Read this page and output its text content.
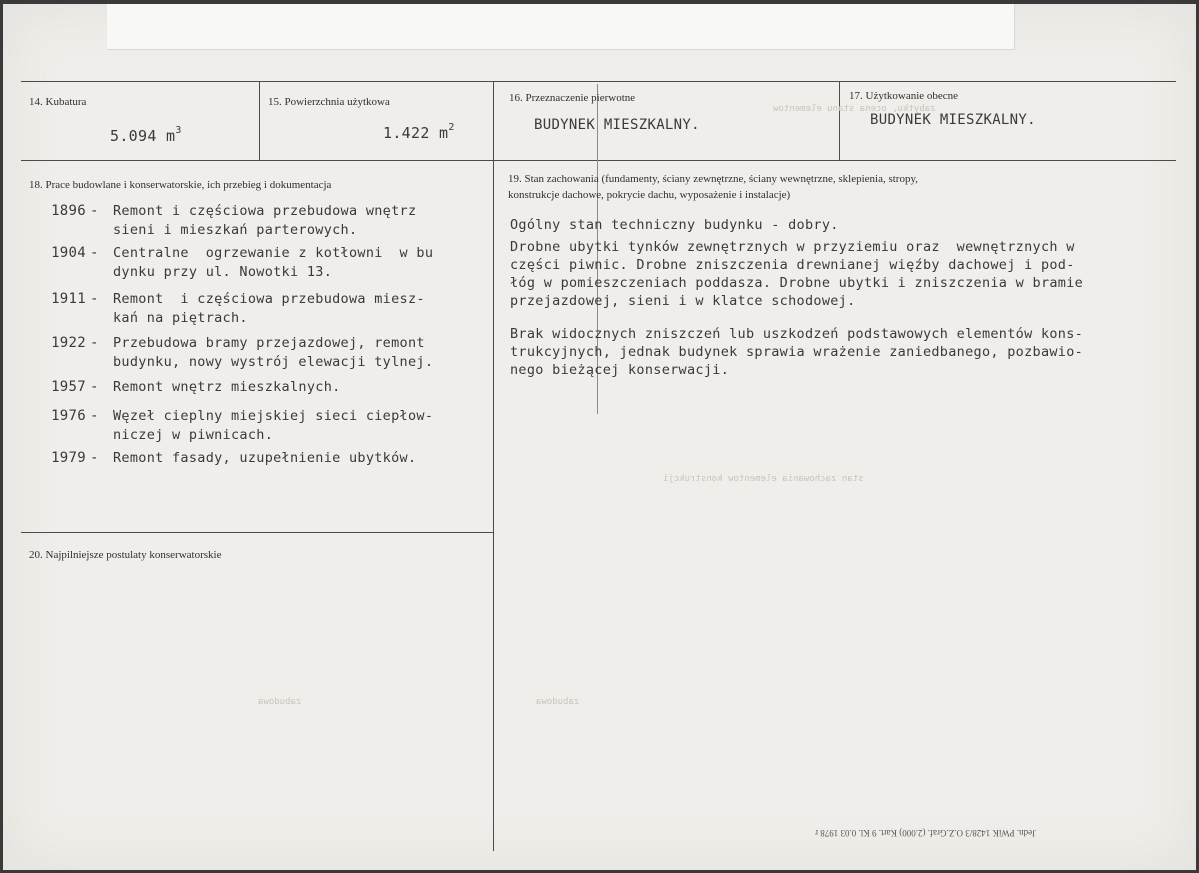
14. Kubatura
5.094 $m^3$
15. Powierzchnia użytkowa
1.422 $m^2$
16. Przeznaczenie pierwotne
BUDYNEK MIESZKALNY.
17. Użytkowanie obecne
BUDYNEK MIESZKALNY.
18. Prace budowlane i konserwatorskie, ich przebieg i dokumentacja
1896 - Remont i częściowa przebudowa wnętrz
sieni i mieszkań parterowych.
1904 - Centralne  ogrzewanie z kotłowni  w bu
dynku przy ul. Nowotki 13.
1911 - Remont  i częściowa przebudowa miesz-
kań na piętrach.
1922 - Przebudowa bramy przejazdowej, remont
budynku, nowy wystrój elewacji tylnej.
1957 - Remont wnętrz mieszkalnych.
1976 - Węzeł cieplny miejskiej sieci ciepłow-
niczej w piwnicach.
1979 - Remont fasady, uzupełnienie ubytków.
19. Stan zachowania (fundamenty, ściany zewnętrzne, ściany wewnętrzne, sklepienia, stropy,
konstrukcje dachowe, pokrycie dachu, wyposażenie i instalacje)
Ogólny stan techniczny budynku - dobry.
Drobne ubytki tynków zewnętrznych w przyziemiu oraz  wewnętrznych w
części piwnic. Drobne zniszczenia drewnianej więźby dachowej i pod-
łóg w pomieszczeniach poddasza. Drobne ubytki i zniszczenia w bramie
przejazdowej, sieni i w klatce schodowej.
Brak widocznych zniszczeń lub uszkodzeń podstawowych elementów kons-
trukcyjnych, jednak budynek sprawia wrażenie zaniedbanego, pozbawio-
nego bieżącej konserwacji.
20. Najpilniejsze postulaty konserwatorskie
zabytku, ocena stanu elementow
stan zachowania elementow konstrukcji
zabudowa	zabudowa
Jedn. PWiK 1428/3 O.Z.Graf. (2.000) Kart. 9 Kl. 0.03 1978 r
